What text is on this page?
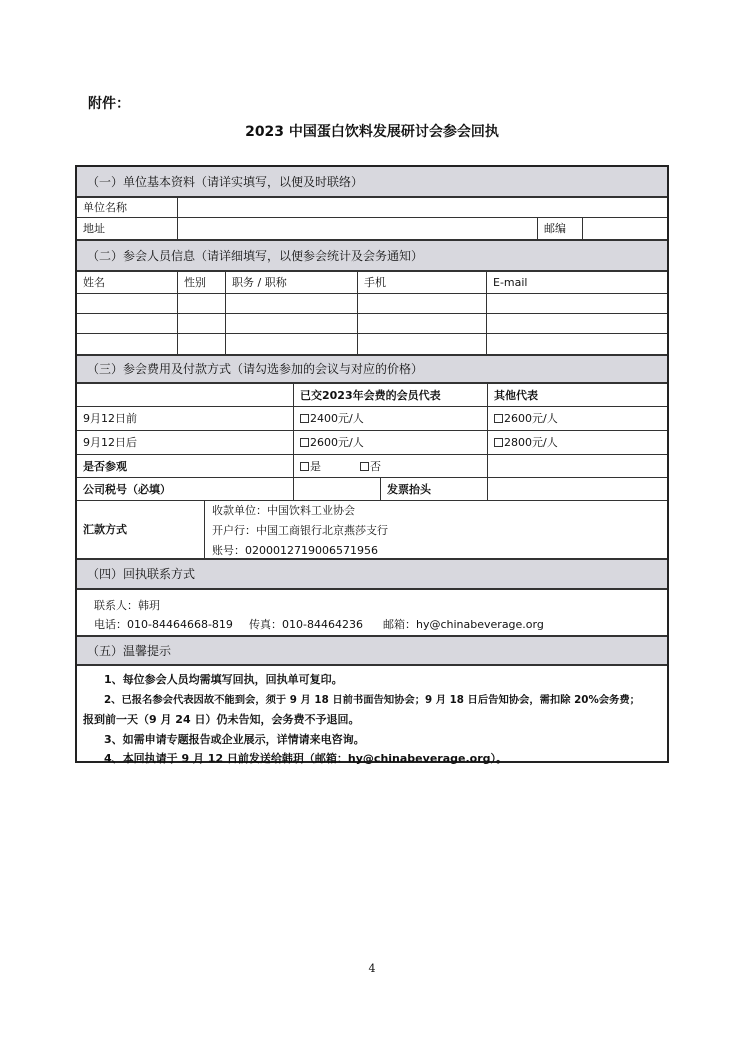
附件：
2023 中国蛋白饮料发展研讨会参会回执
（一）单位基本资料（请详实填写，以便及时联络）
单位名称
地址	邮编
（二）参会人员信息（请详细填写，以便参会统计及会务通知）
姓名	性别	职务 / 职称	手机	E-mail
（三）参会费用及付款方式（请勾选参加的会议与对应的价格）
已交2023年会费的会员代表	其他代表
9月12日前	2400元/人	2600元/人
9月12日后	2600元/人	2800元/人
是否参观	是	否
公司税号（必填）	发票抬头
汇款方式
收款单位：中国饮料工业协会
开户行：中国工商银行北京燕莎支行
账号：0200012719006571956
（四）回执联系方式
联系人：韩玥
电话：010-84464668-819 传真：010-84464236 邮箱：hy@chinabeverage.org
（五）温馨提示
1、每位参会人员均需填写回执，回执单可复印。
2、已报名参会代表因故不能到会，须于 9 月 18 日前书面告知协会；9 月 18 日后告知协会，需扣除 20%会务费；
报到前一天（9 月 24 日）仍未告知，会务费不予退回。
3、如需申请专题报告或企业展示，详情请来电咨询。
4、本回执请于 9 月 12 日前发送给韩玥（邮箱：hy@chinabeverage.org）。
4
